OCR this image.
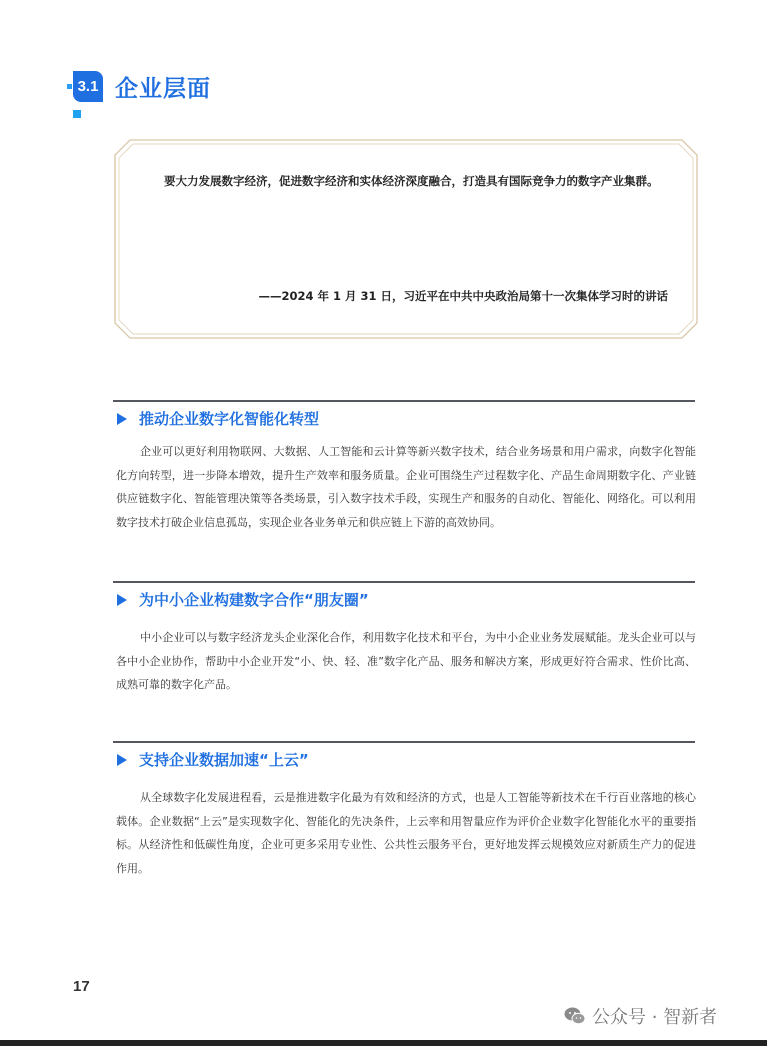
3.1 企业层面
要大力发展数字经济，促进数字经济和实体经济深度融合，打造具有国际竞争力的数字产业集群。
——2024 年 1 月 31 日，习近平在中共中央政治局第十一次集体学习时的讲话
推动企业数字化智能化转型

企业可以更好利用物联网、大数据、人工智能和云计算等新兴数字技术，结合业务场景和用户需求，向数字化智能化方向转型，进一步降本增效，提升生产效率和服务质量。企业可围绕生产过程数字化、产品生命周期数字化、产业链供应链数字化、智能管理决策等各类场景，引入数字技术手段，实现生产和服务的自动化、智能化、网络化。可以利用数字技术打破企业信息孤岛，实现企业各业务单元和供应链上下游的高效协同。

为中小企业构建数字合作“朋友圈”

中小企业可以与数字经济龙头企业深化合作，利用数字化技术和平台，为中小企业业务发展赋能。龙头企业可以与各中小企业协作，帮助中小企业开发“小、快、轻、准”数字化产品、服务和解决方案，形成更好符合需求、性价比高、成熟可靠的数字化产品。

支持企业数据加速“上云”

从全球数字化发展进程看，云是推进数字化最为有效和经济的方式，也是人工智能等新技术在千行百业落地的核心载体。企业数据“上云”是实现数字化、智能化的先决条件，上云率和用智量应作为评价企业数字化智能化水平的重要指标。从经济性和低碳性角度，企业可更多采用专业性、公共性云服务平台，更好地发挥云规模效应对新质生产力的促进作用。

17
公众号 · 智新者
